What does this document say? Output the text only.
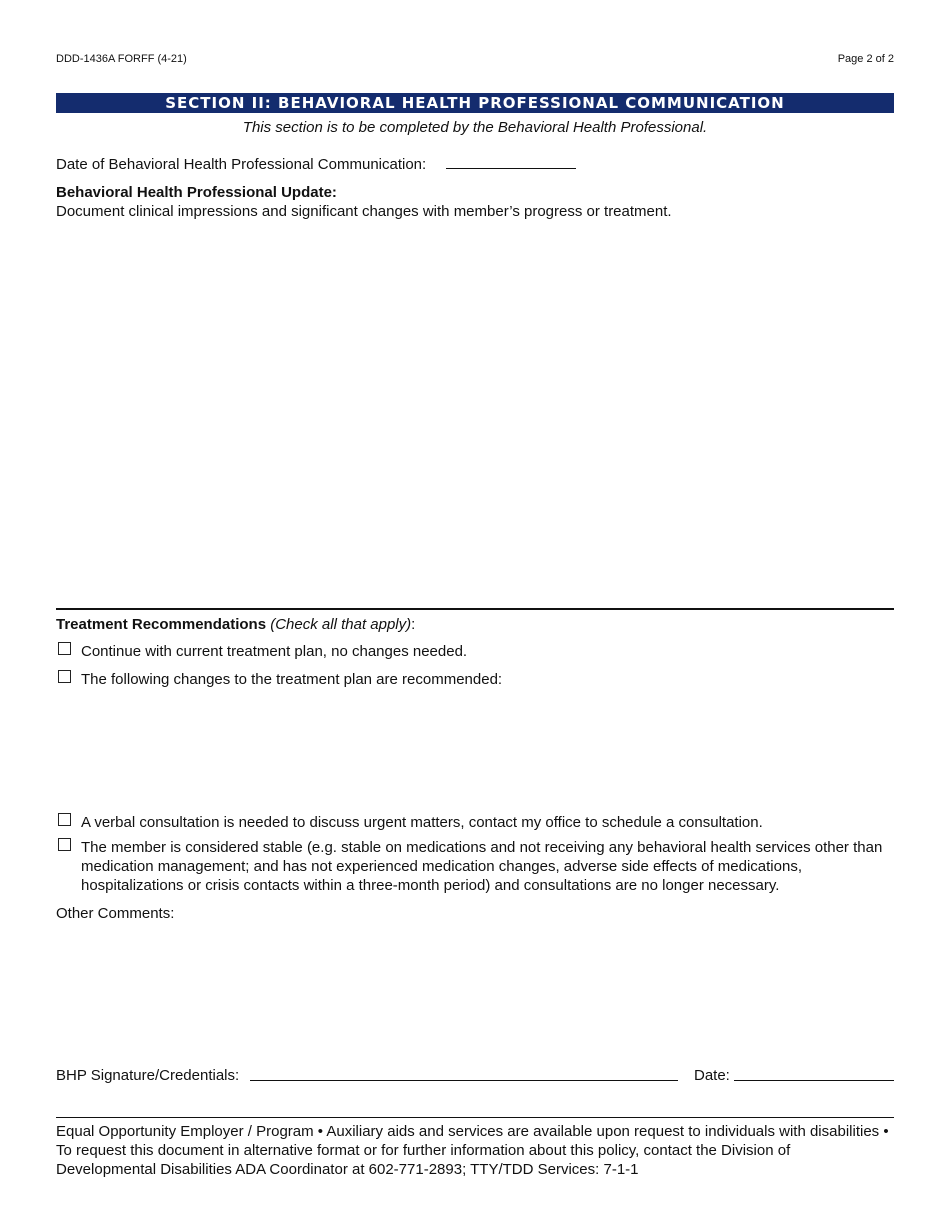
DDD-1436A FORFF (4-21)	Page 2 of 2
SECTION II: BEHAVIORAL HEALTH PROFESSIONAL COMMUNICATION
This section is to be completed by the Behavioral Health Professional.
Date of Behavioral Health Professional Communication:
Behavioral Health Professional Update:
Document clinical impressions and significant changes with member’s progress or treatment.
Treatment Recommendations (Check all that apply):
Continue with current treatment plan, no changes needed.
The following changes to the treatment plan are recommended:
A verbal consultation is needed to discuss urgent matters, contact my office to schedule a consultation.
The member is considered stable (e.g. stable on medications and not receiving any behavioral health services other than medication management; and has not experienced medication changes, adverse side effects of medications, hospitalizations or crisis contacts within a three-month period) and consultations are no longer necessary.
Other Comments:
BHP Signature/Credentials:	Date:
Equal Opportunity Employer / Program • Auxiliary aids and services are available upon request to individuals with disabilities • To request this document in alternative format or for further information about this policy, contact the Division of Developmental Disabilities ADA Coordinator at 602-771-2893; TTY/TDD Services: 7-1-1
